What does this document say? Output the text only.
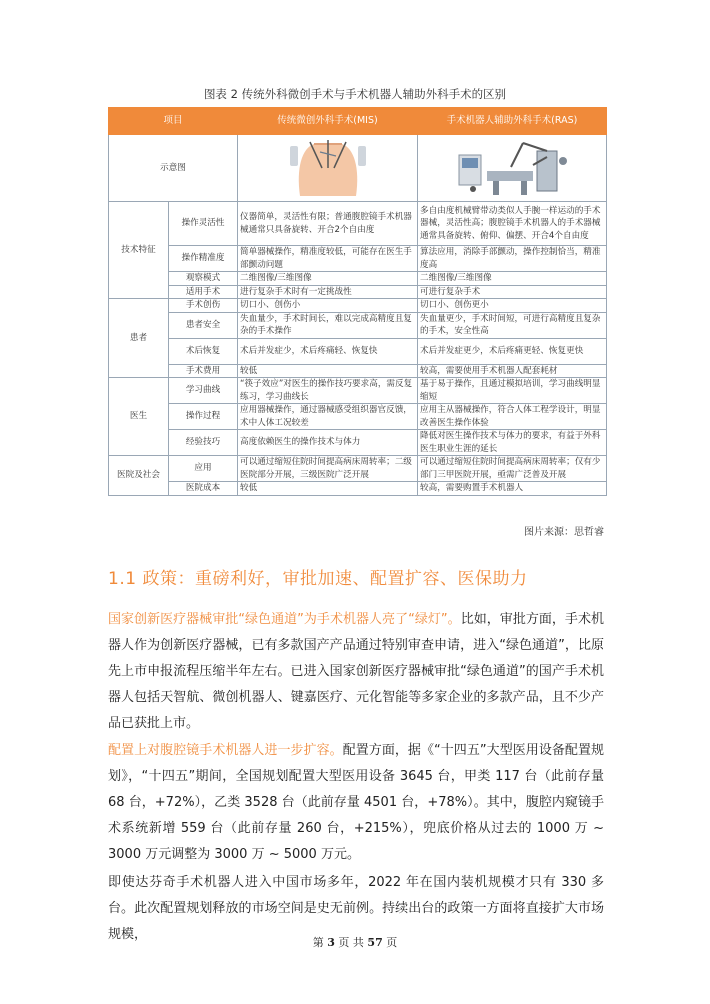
图表 2 传统外科微创手术与手术机器人辅助外科手术的区别
项目		传统微创外科手术(MIS)	手术机器人辅助外科手术(RAS)
示意图	

技术特征	操作灵活性	仪器简单，灵活性有限；普通腹腔镜手术机器械通常只具备旋转、开合2个自由度	多自由度机械臂带动类似人手腕一样运动的手术器械，灵活性高；腹腔镜手术机器人的手术器械通常具备旋转、俯仰、偏摆、开合4个自由度
	操作精准度	简单器械操作，精准度较低，可能存在医生手部颤动问题	算法应用，消除手部颤动，操作控制恰当，精准度高
	观察模式	二维图像/三维图像	二维图像/三维图像
	适用手术	进行复杂手术时有一定挑战性	可进行复杂手术
患者	手术创伤	切口小、创伤小	切口小、创伤更小
	患者安全	失血量少，手术时间长，难以完成高精度且复杂的手术操作	失血量更少，手术时间短，可进行高精度且复杂的手术，安全性高
	术后恢复	术后并发症少，术后疼痛轻、恢复快	术后并发症更少，术后疼痛更轻、恢复更快
	手术费用	较低	较高，需要使用手术机器人配套耗材
医生	学习曲线	“筷子效应”对医生的操作技巧要求高，需反复练习，学习曲线长	基于易于操作，且通过模拟培训，学习曲线明显缩短
	操作过程	应用器械操作，通过器械感受组织器官反馈，术中人体工况较差	应用主从器械操作，符合人体工程学设计，明显改善医生操作体验
	经验技巧	高度依赖医生的操作技术与体力	降低对医生操作技术与体力的要求，有益于外科医生职业生涯的延长
医院及社会	应用	可以通过缩短住院时间提高病床周转率；二级医院部分开展，三级医院广泛开展	可以通过缩短住院时间提高病床周转率；仅有少部门三甲医院开展，亟需广泛普及开展
	医院成本	较低	较高，需要购置手术机器人
图片来源：思哲睿
1.1 政策：重磅利好，审批加速、配置扩容、医保助力

国家创新医疗器械审批“绿色通道”为手术机器人亮了“绿灯”。比如，审批方面，手术机器人作为创新医疗器械，已有多款国产产品通过特别审查申请，进入“绿色通道”，比原先上市申报流程压缩半年左右。已进入国家创新医疗器械审批“绿色通道”的国产手术机器人包括天智航、微创机器人、键嘉医疗、元化智能等多家企业的多款产品，且不少产品已获批上市。

配置上对腹腔镜手术机器人进一步扩容。配置方面，据《“十四五”大型医用设备配置规划》，“十四五”期间，全国规划配置大型医用设备 3645 台，甲类 117 台（此前存量 68 台，+72%），乙类 3528 台（此前存量 4501 台，+78%）。其中，腹腔内窥镜手术系统新增 559 台（此前存量 260 台，+215%），兜底价格从过去的 1000 万 ~ 3000 万元调整为 3000 万 ~ 5000 万元。

即使达芬奇手术机器人进入中国市场多年，2022 年在国内装机规模才只有 330 多台。此次配置规划释放的市场空间是史无前例。持续出台的政策一方面将直接扩大市场规模，

第 3 页 共 57 页
